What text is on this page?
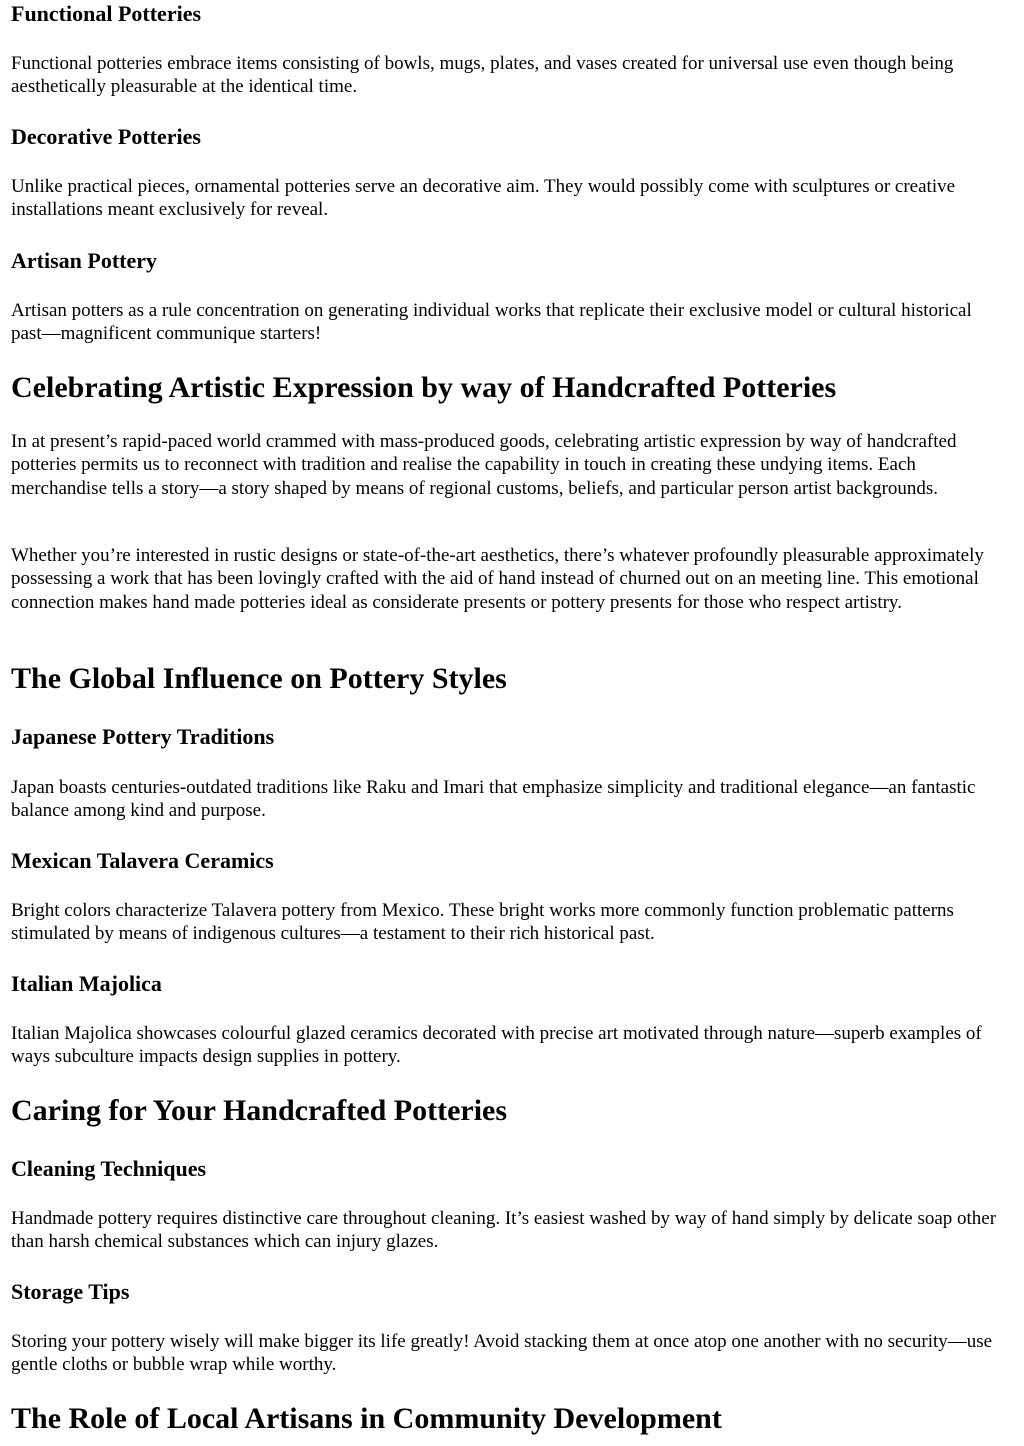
Functional Potteries

Functional potteries embrace items consisting of bowls, mugs, plates, and vases created for universal use even though being aesthetically pleasurable at the identical time.

Decorative Potteries

Unlike practical pieces, ornamental potteries serve an decorative aim. They would possibly come with sculptures or creative installations meant exclusively for reveal.

Artisan Pottery

Artisan potters as a rule concentration on generating individual works that replicate their exclusive model or cultural historical past—magnificent communique starters!

Celebrating Artistic Expression by way of Handcrafted Potteries

In at present’s rapid-paced world crammed with mass-produced goods, celebrating artistic expression by way of handcrafted potteries permits us to reconnect with tradition and realise the capability in touch in creating these undying items. Each merchandise tells a story—a story shaped by means of regional customs, beliefs, and particular person artist backgrounds.

Whether you’re interested in rustic designs or state-of-the-art aesthetics, there’s whatever profoundly pleasurable approximately possessing a work that has been lovingly crafted with the aid of hand instead of churned out on an meeting line. This emotional connection makes hand made potteries ideal as considerate presents or pottery presents for those who respect artistry.

The Global Influence on Pottery Styles
Japanese Pottery Traditions

Japan boasts centuries-outdated traditions like Raku and Imari that emphasize simplicity and traditional elegance—an fantastic balance among kind and purpose.

Mexican Talavera Ceramics

Bright colors characterize Talavera pottery from Mexico. These bright works more commonly function problematic patterns stimulated by means of indigenous cultures—a testament to their rich historical past.

Italian Majolica

Italian Majolica showcases colourful glazed ceramics decorated with precise art motivated through nature—superb examples of ways subculture impacts design supplies in pottery.

Caring for Your Handcrafted Potteries
Cleaning Techniques

Handmade pottery requires distinctive care throughout cleaning. It’s easiest washed by way of hand simply by delicate soap other than harsh chemical substances which can injury glazes.

Storage Tips

Storing your pottery wisely will make bigger its life greatly! Avoid stacking them at once atop one another with no security—use gentle cloths or bubble wrap while worthy.

The Role of Local Artisans in Community Development
